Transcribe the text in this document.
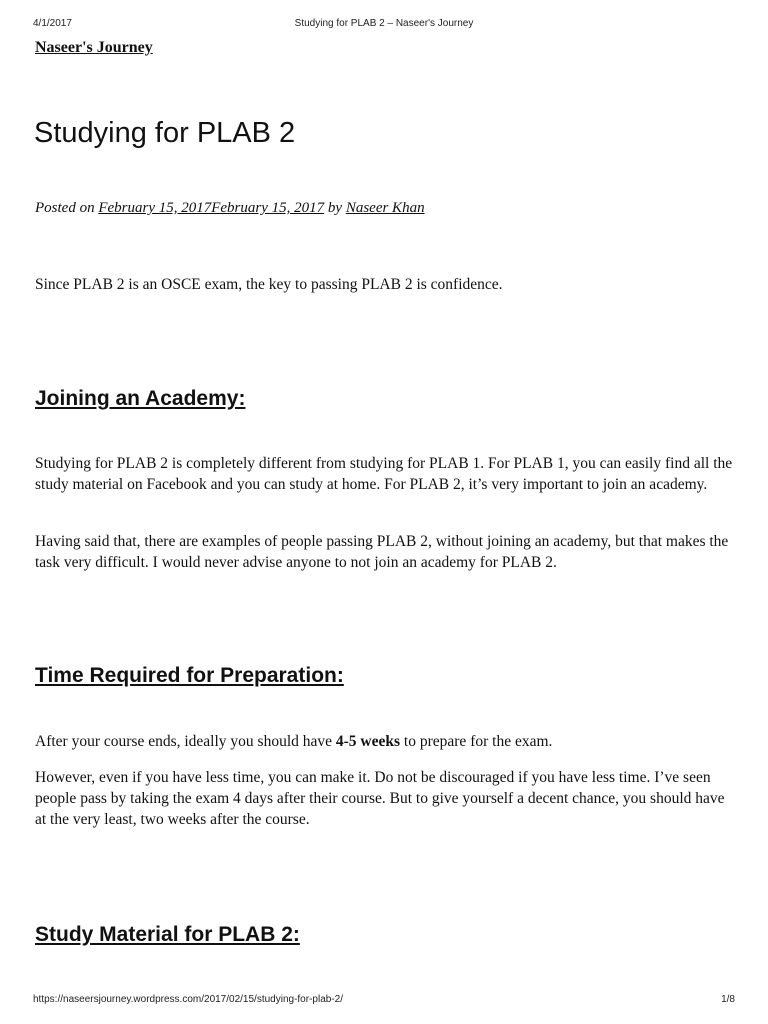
4/1/2017	Studying for PLAB 2 – Naseer's Journey
Naseer's Journey
Studying for PLAB 2
Posted on February 15, 2017February 15, 2017 by Naseer Khan

Since PLAB 2 is an OSCE exam, the key to passing PLAB 2 is confidence.

Joining an Academy:

Studying for PLAB 2 is completely different from studying for PLAB 1. For PLAB 1, you can easily find all the study material on Facebook and you can study at home. For PLAB 2, it’s very important to join an academy.

Having said that, there are examples of people passing PLAB 2, without joining an academy, but that makes the task very difficult. I would never advise anyone to not join an academy for PLAB 2.

Time Required for Preparation:

After your course ends, ideally you should have 4-5 weeks to prepare for the exam.

However, even if you have less time, you can make it. Do not be discouraged if you have less time. I’ve seen people pass by taking the exam 4 days after their course. But to give yourself a decent chance, you should have at the very least, two weeks after the course.

Study Material for PLAB 2:
https://naseersjourney.wordpress.com/2017/02/15/studying-for-plab-2/	1/8
